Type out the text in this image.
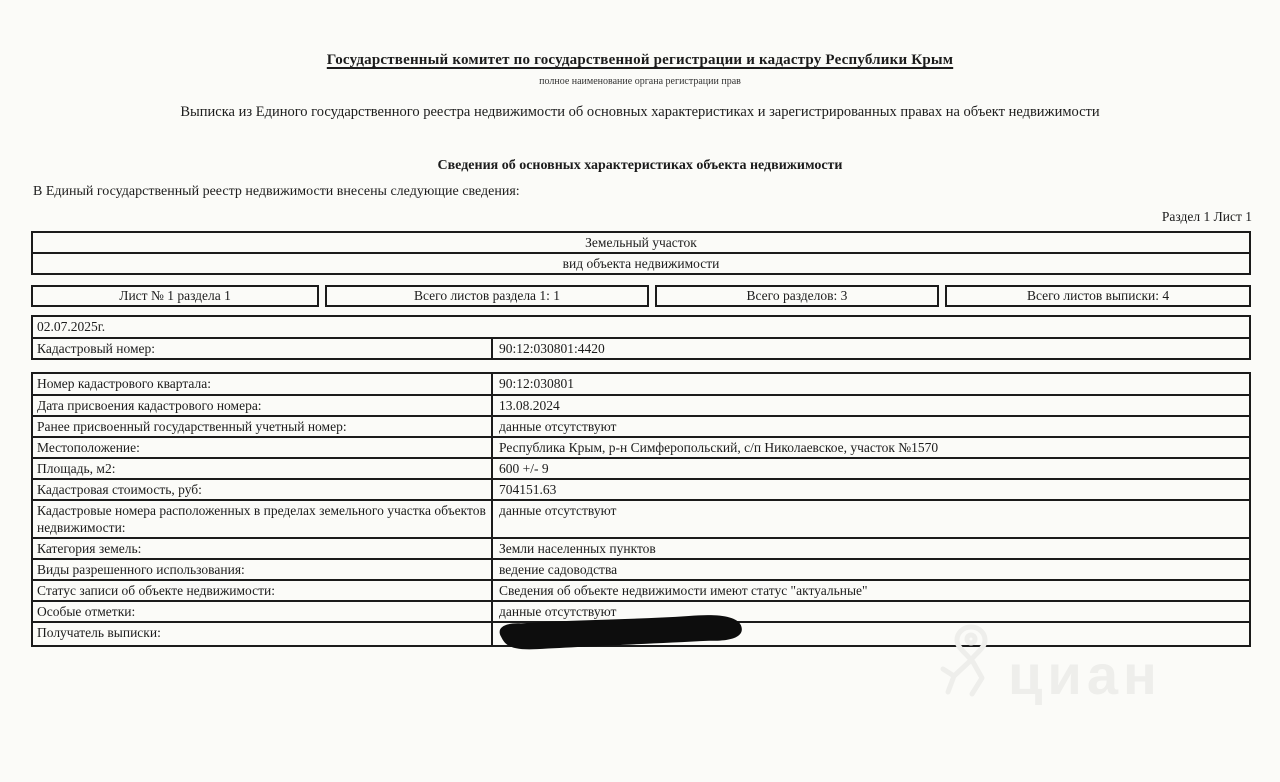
Государственный комитет по государственной регистрации и кадастру Республики Крым
полное наименование органа регистрации прав
Выписка из Единого государственного реестра недвижимости об основных характеристиках и зарегистрированных правах на объект недвижимости
Сведения об основных характеристиках объекта недвижимости
В Единый государственный реестр недвижимости внесены следующие сведения:
Раздел 1 Лист 1
Земельный участок
вид объекта недвижимости
Лист № 1 раздела 1	Всего листов раздела 1: 1	Всего разделов: 3	Всего листов выписки: 4
02.07.2025г.
Кадастровый номер:	90:12:030801:4420
Номер кадастрового квартала:	90:12:030801
Дата присвоения кадастрового номера:	13.08.2024
Ранее присвоенный государственный учетный номер:	данные отсутствуют
Местоположение:	Республика Крым, р-н Симферопольский, с/п Николаевское, участок №1570
Площадь, м2:	600 +/- 9
Кадастровая стоимость, руб:	704151.63
Кадастровые номера расположенных в пределах земельного участка объектов недвижимости:
данные отсутствуют
Категория земель:	Земли населенных пунктов
Виды разрешенного использования:	ведение садоводства
Статус записи об объекте недвижимости:	Сведения об объекте недвижимости имеют статус "актуальные"
Особые отметки:	данные отсутствуют
Получатель выписки:
циан
